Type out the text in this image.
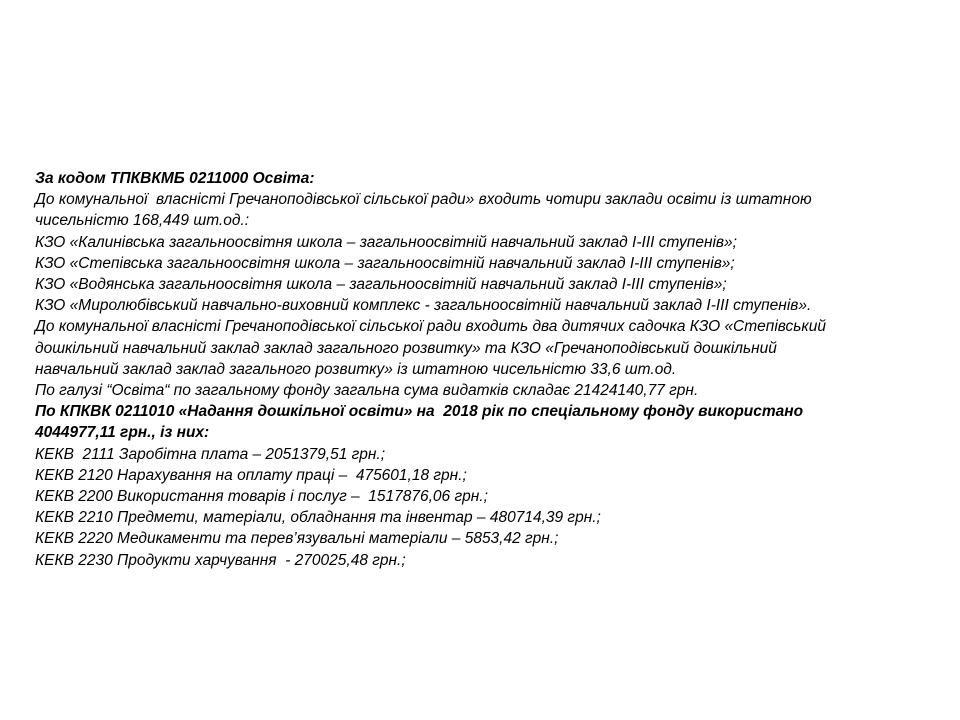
За кодом ТПКВКМБ 0211000 Освіта:
До комунальної  власністі Гречаноподівської сільської ради» входить чотири заклади освіти із штатною
чисельністю 168,449 шт.од.:
КЗО «Калинівська загальноосвітня школа – загальноосвітній навчальний заклад І-ІІІ ступенів»;
КЗО «Степівська загальноосвітня школа – загальноосвітній навчальний заклад І-ІІІ ступенів»;
КЗО «Водянська загальноосвітня школа – загальноосвітній навчальний заклад І-ІІІ ступенів»;
КЗО «Миролюбівський навчально-виховний комплекс - загальноосвітній навчальний заклад І-ІІІ ступенів».
До комунальної власністі Гречаноподівської сільської ради входить два дитячих садочка КЗО «Степівський
дошкільний навчальний заклад заклад загального розвитку» та КЗО «Гречаноподівський дошкільний
навчальний заклад заклад загального розвитку» із штатною чисельністю 33,6 шт.од.
По галузі “Освіта“ по загальному фонду загальна сума видатків складає 21424140,77 грн.
По КПКВК 0211010 «Надання дошкільної освіти» на  2018 рік по спеціальному фонду використано
4044977,11 грн., із них:
КЕКВ  2111 Заробітна плата – 2051379,51 грн.;
КЕКВ 2120 Нарахування на оплату праці –  475601,18 грн.;
КЕКВ 2200 Використання товарів і послуг –  1517876,06 грн.;
КЕКВ 2210 Предмети, матеріали, обладнання та інвентар – 480714,39 грн.;
КЕКВ 2220 Медикаменти та перев’язувальні матеріали – 5853,42 грн.;
КЕКВ 2230 Продукти харчування  - 270025,48 грн.;
